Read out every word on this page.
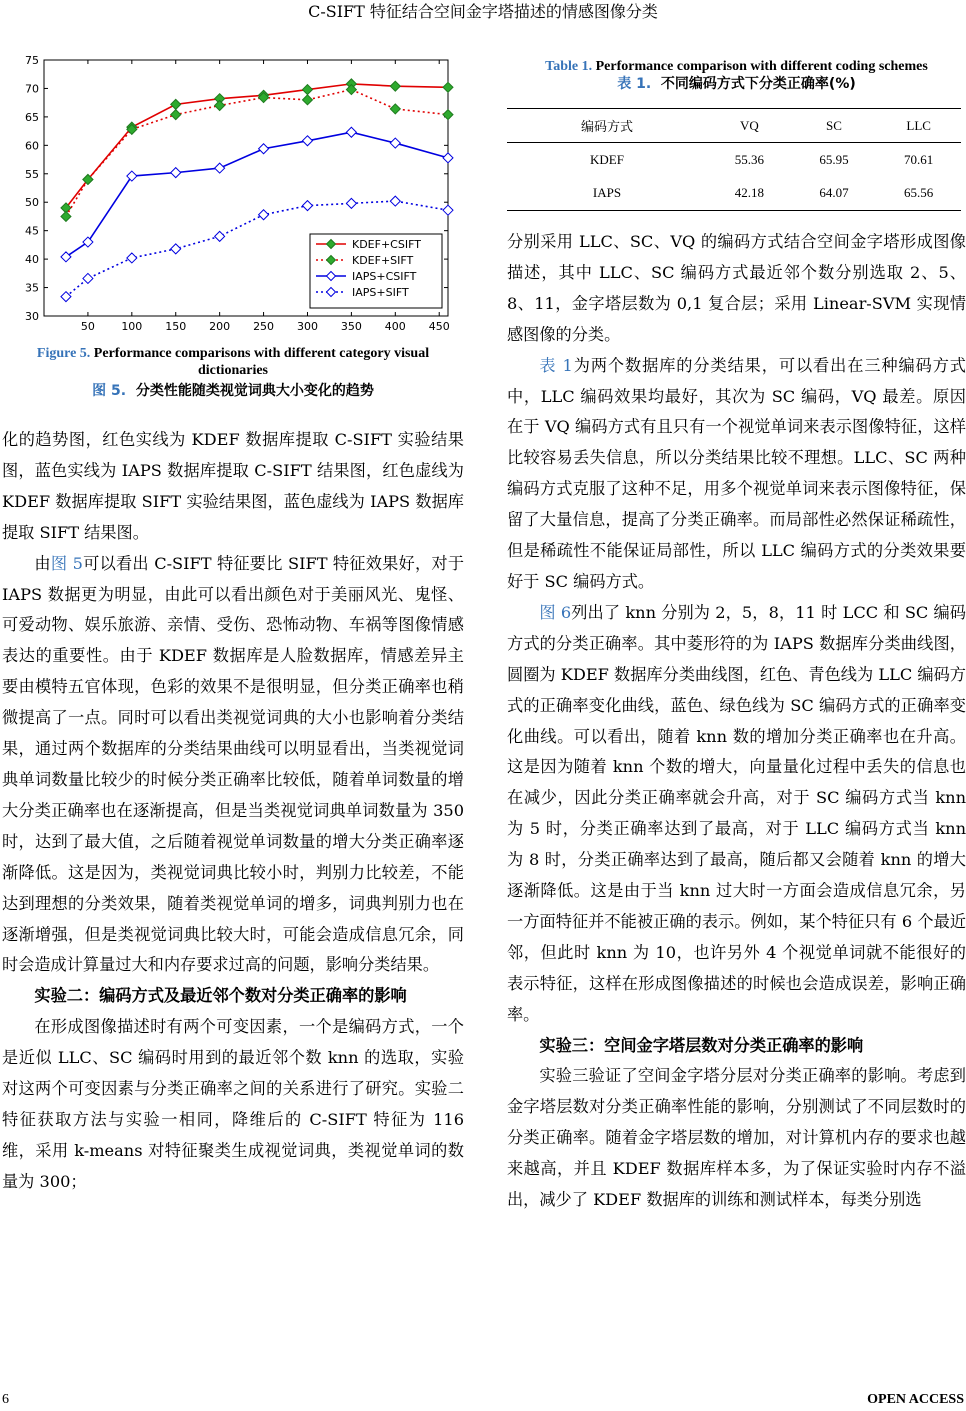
C-SIFT 特征结合空间金字塔描述的情感图像分类
30
35
40
45
50
55
60
65
70
75
50 100 150 200 250 300 350 400 450
KDEF+CSIFT
KDEF+SIFT
IAPS+CSIFT
IAPS+SIFT
Figure 5. Performance comparisons with different category visual dictionaries
图 5. 分类性能随类视觉词典大小变化的趋势

化的趋势图，红色实线为 KDEF 数据库提取 C-SIFT 实验结果图，蓝色实线为 IAPS 数据库提取 C-SIFT 结果图，红色虚线为 KDEF 数据库提取 SIFT 实验结果图，蓝色虚线为 IAPS 数据库提取 SIFT 结果图。

由图 5可以看出 C-SIFT 特征要比 SIFT 特征效果好，对于 IAPS 数据更为明显，由此可以看出颜色对于美丽风光、鬼怪、可爱动物、娱乐旅游、亲情、受伤、恐怖动物、车祸等图像情感表达的重要性。由于 KDEF 数据库是人脸数据库，情感差异主要由模特五官体现，色彩的效果不是很明显，但分类正确率也稍微提高了一点。同时可以看出类视觉词典的大小也影响着分类结果，通过两个数据库的分类结果曲线可以明显看出，当类视觉词典单词数量比较少的时候分类正确率比较低，随着单词数量的增大分类正确率也在逐渐提高，但是当类视觉词典单词数量为 350 时，达到了最大值，之后随着视觉单词数量的增大分类正确率逐渐降低。这是因为，类视觉词典比较小时，判别力比较差，不能达到理想的分类效果，随着类视觉单词的增多，词典判别力也在逐渐增强，但是类视觉词典比较大时，可能会造成信息冗余，同时会造成计算量过大和内存要求过高的问题，影响分类结果。

实验二：编码方式及最近邻个数对分类正确率的影响

在形成图像描述时有两个可变因素，一个是编码方式，一个是近似 LLC、SC 编码时用到的最近邻个数 knn 的选取，实验对这两个可变因素与分类正确率之间的关系进行了研究。实验二特征获取方法与实验一相同，降维后的 C-SIFT 特征为 116 维，采用 k-means 对特征聚类生成视觉词典，类视觉单词的数量为 300；

Table 1. Performance comparison with different coding schemes
表 1. 不同编码方式下分类正确率(%)
编码方式	VQ	SC	LLC
KDEF	55.36	65.95	70.61
IAPS	42.18	64.07	65.56

分别采用 LLC、SC、VQ 的编码方式结合空间金字塔形成图像描述，其中 LLC、SC 编码方式最近邻个数分别选取 2、5、8、11，金字塔层数为 0,1 复合层；采用 Linear-SVM 实现情感图像的分类。

表 1为两个数据库的分类结果，可以看出在三种编码方式中，LLC 编码效果均最好，其次为 SC 编码，VQ 最差。原因在于 VQ 编码方式有且只有一个视觉单词来表示图像特征，这样比较容易丢失信息，所以分类结果比较不理想。LLC、SC 两种编码方式克服了这种不足，用多个视觉单词来表示图像特征，保留了大量信息，提高了分类正确率。而局部性必然保证稀疏性，但是稀疏性不能保证局部性，所以 LLC 编码方式的分类效果要好于 SC 编码方式。

图 6列出了 knn 分别为 2，5，8，11 时 LCC 和 SC 编码方式的分类正确率。其中菱形符的为 IAPS 数据库分类曲线图，圆圈为 KDEF 数据库分类曲线图，红色、青色线为 LLC 编码方式的正确率变化曲线，蓝色、绿色线为 SC 编码方式的正确率变化曲线。可以看出，随着 knn 数的增加分类正确率也在升高。这是因为随着 knn 个数的增大，向量量化过程中丢失的信息也在减少，因此分类正确率就会升高，对于 SC 编码方式当 knn 为 5 时，分类正确率达到了最高，对于 LLC 编码方式当 knn 为 8 时，分类正确率达到了最高，随后都又会随着 knn 的增大逐渐降低。这是由于当 knn 过大时一方面会造成信息冗余，另一方面特征并不能被正确的表示。例如，某个特征只有 6 个最近邻，但此时 knn 为 10，也许另外 4 个视觉单词就不能很好的表示特征，这样在形成图像描述的时候也会造成误差，影响正确率。

实验三：空间金字塔层数对分类正确率的影响

实验三验证了空间金字塔分层对分类正确率的影响。考虑到金字塔层数对分类正确率性能的影响，分别测试了不同层数时的分类正确率。随着金字塔层数的增加，对计算机内存的要求也越来越高，并且 KDEF 数据库样本多，为了保证实验时内存不溢出，减少了 KDEF 数据库的训练和测试样本，每类分别选

6	OPEN ACCESS
